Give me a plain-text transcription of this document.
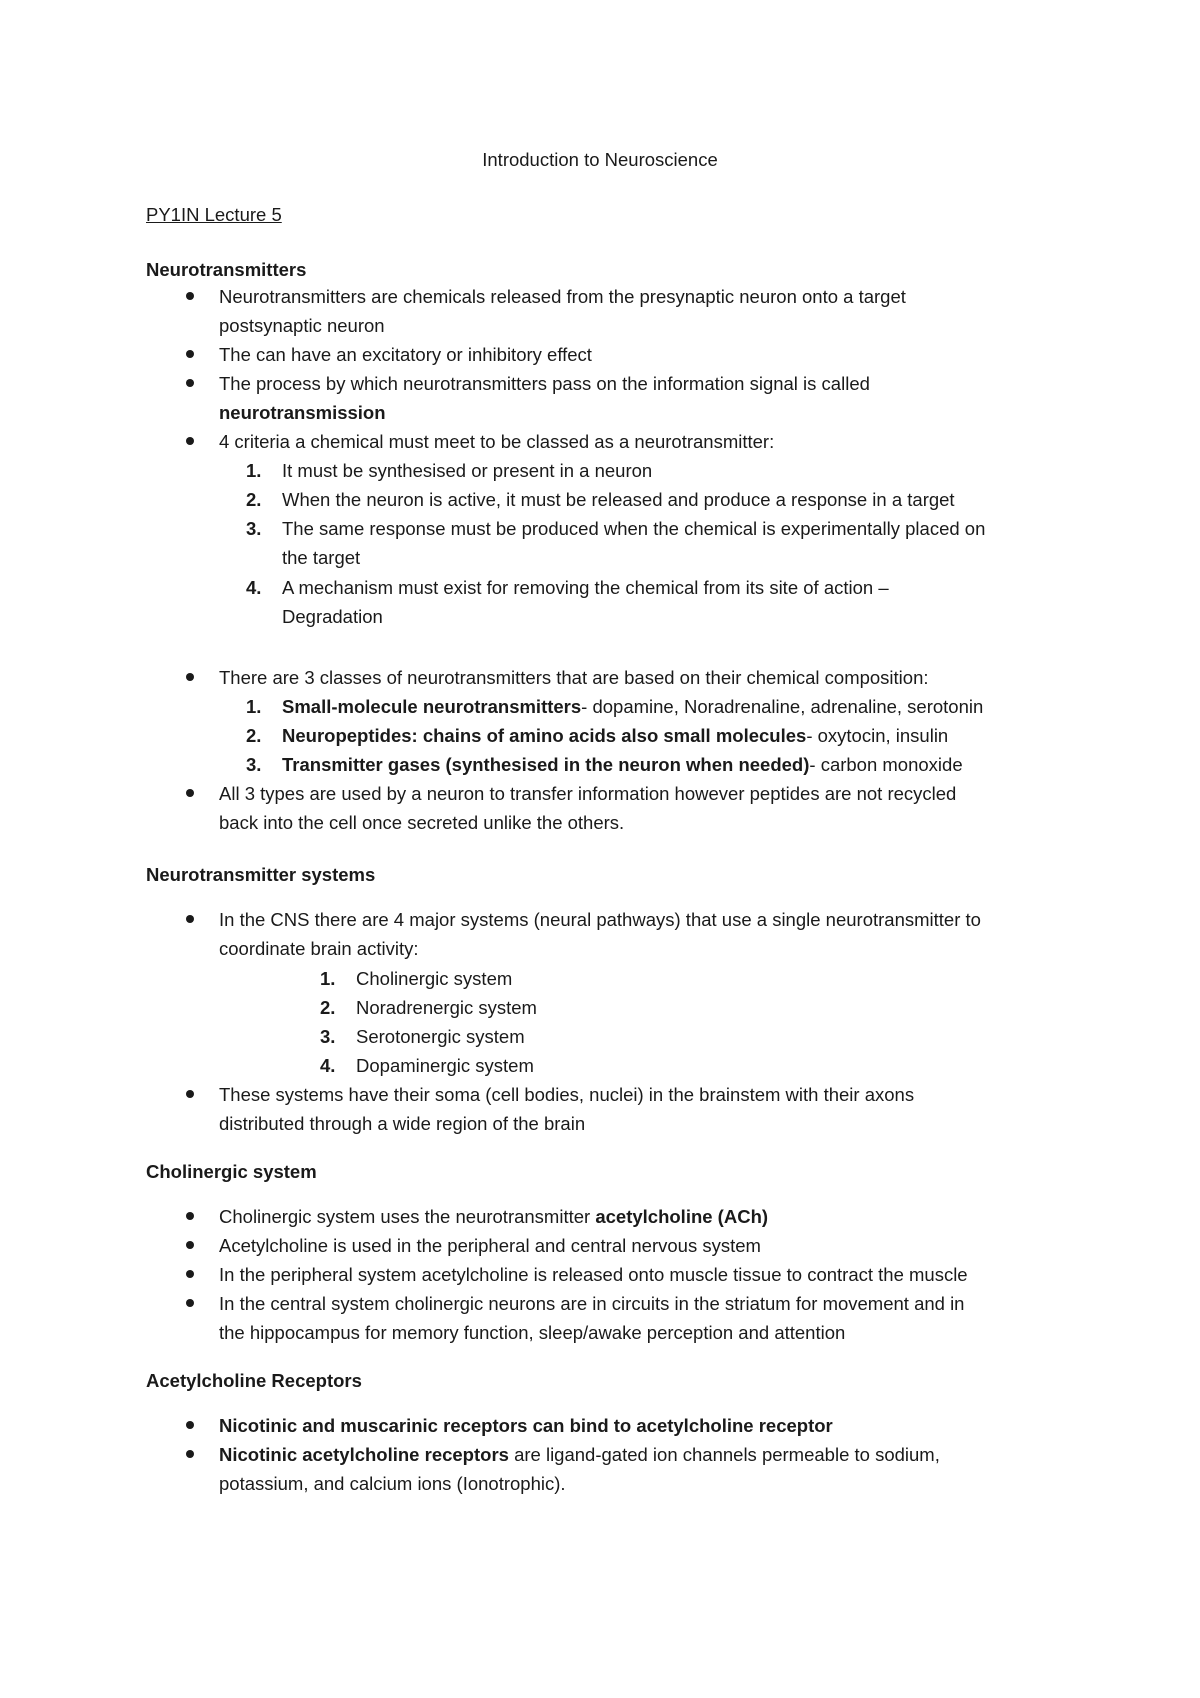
Introduction to Neuroscience
PY1IN Lecture 5
Neurotransmitters
Neurotransmitters are chemicals released from the presynaptic neuron onto a target
postsynaptic neuron
The can have an excitatory or inhibitory effect
The process by which neurotransmitters pass on the information signal is called
neurotransmission
4 criteria a chemical must meet to be classed as a neurotransmitter:
1. It must be synthesised or present in a neuron
2. When the neuron is active, it must be released and produce a response in a target
3. The same response must be produced when the chemical is experimentally placed on
the target
4. A mechanism must exist for removing the chemical from its site of action –
Degradation
There are 3 classes of neurotransmitters that are based on their chemical composition:
1. Small-molecule neurotransmitters- dopamine, Noradrenaline, adrenaline, serotonin
2. Neuropeptides: chains of amino acids also small molecules- oxytocin, insulin
3. Transmitter gases (synthesised in the neuron when needed)- carbon monoxide
All 3 types are used by a neuron to transfer information however peptides are not recycled
back into the cell once secreted unlike the others.
Neurotransmitter systems
In the CNS there are 4 major systems (neural pathways) that use a single neurotransmitter to
coordinate brain activity:
1. Cholinergic system
2. Noradrenergic system
3. Serotonergic system
4. Dopaminergic system
These systems have their soma (cell bodies, nuclei) in the brainstem with their axons
distributed through a wide region of the brain
Cholinergic system
Cholinergic system uses the neurotransmitter acetylcholine (ACh)
Acetylcholine is used in the peripheral and central nervous system
In the peripheral system acetylcholine is released onto muscle tissue to contract the muscle
In the central system cholinergic neurons are in circuits in the striatum for movement and in
the hippocampus for memory function, sleep/awake perception and attention
Acetylcholine Receptors
Nicotinic and muscarinic receptors can bind to acetylcholine receptor
Nicotinic acetylcholine receptors are ligand-gated ion channels permeable to sodium,
potassium, and calcium ions (Ionotrophic).
